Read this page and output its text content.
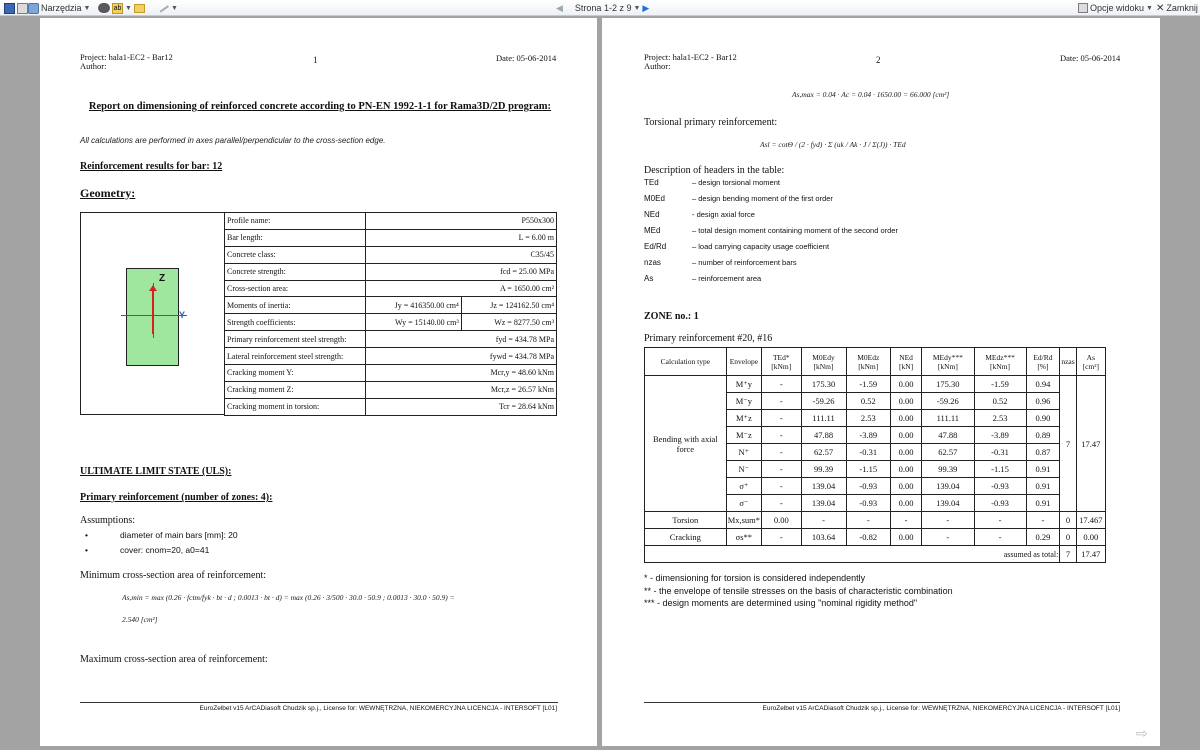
Narzędzia ▼	ab ▼	▼	◀ Strona 1-2 z 9 ▼ ▶	Opcje widoku ▼ ✕ Zamknij
Project: hala1-EC2 - Bar12
Author:
1	Date: 05-06-2014
Report on dimensioning of reinforced concrete according to PN-EN 1992-1-1 for Rama3D/2D program:
All calculations are performed in axes parallel/perpendicular to the cross-section edge.
Reinforcement results for bar: 12
Geometry:
Z
Y
Profile name:	P550x300	
Bar length:	L = 6.00 m	
Concrete class:	C35/45	
Concrete strength:	fcd = 25.00 MPa	
Cross-section area:	A = 1650.00 cm²	
Moments of inertia:	Jy = 416350.00 cm⁴	Jz = 124162.50 cm⁴
Strength coefficients:	Wy = 15140.00 cm³	Wz = 8277.50 cm³
Primary reinforcement steel strength:	fyd = 434.78 MPa	
Lateral reinforcement steel strength:	fywd = 434.78 MPa	
Cracking moment Y:	Mcr,y = 48.60 kNm	
Cracking moment Z:	Mcr,z = 26.57 kNm	
Cracking moment in torsion:	Tcr = 28.64 kNm	
ULTIMATE LIMIT STATE (ULS):
Primary reinforcement (number of zones: 4):
Assumptions:
• diameter of main bars [mm]: 20
• cover: cnom=20, a0=41
Minimum cross-section area of reinforcement:
As,min = max (0.26 · fctm/fyk · bt · d ; 0.0013 · bt · d) = max (0.26 · 3/500 · 30.0 · 50.9 ; 0.0013 · 30.0 · 50.9) =
2.540 [cm²]
Maximum cross-section area of reinforcement:
EuroZelbet v15 ArCADiasoft Chudzik sp.j., License for: WEWNĘTRZNA, NIEKOMERCYJNA LICENCJA - INTERSOFT [L01]
Project: hala1-EC2 - Bar12
Author:
2	Date: 05-06-2014
As,max = 0.04 · Ac = 0.04 · 1650.00 = 66.000 [cm²]
Torsional primary reinforcement:
Asl = cotΘ / (2 · fyd) · Σ (uk / Ak · J / Σ(J)) · TEd
Description of headers in the table:
TEd	– design torsional moment
M0Ed	– design bending moment of the first order
NEd	- design axial force
MEd	– total design moment containing moment of the second order
Ed/Rd	– load carrying capacity usage coefficient
nzas	– number of reinforcement bars
As	– reinforcement area
ZONE no.: 1
Primary reinforcement #20, #16
Calculation type	Envelope	TEd* [kNm]	M0Edy [kNm]	M0Edz [kNm]	NEd [kN]	MEdy*** [kNm]	MEdz*** [kNm]	Ed/Rd [%]	nzas	As [cm²]
Bending with axial force	M⁺y	-	175.30	-1.59	0.00	175.30	-1.59	0.94	7	17.47
	M⁻y	-	-59.26	0.52	0.00	-59.26	0.52	0.96		
	M⁺z	-	111.11	2.53	0.00	111.11	2.53	0.90		
	M⁻z	-	47.88	-3.89	0.00	47.88	-3.89	0.89		
	N⁺	-	62.57	-0.31	0.00	62.57	-0.31	0.87		
	N⁻	-	99.39	-1.15	0.00	99.39	-1.15	0.91		
	σ⁺	-	139.04	-0.93	0.00	139.04	-0.93	0.91		
	σ⁻	-	139.04	-0.93	0.00	139.04	-0.93	0.91		
Torsion	Mx,sum*	0.00	-	-	-	-	-	-	0	17.467
Cracking	σs**	-	103.64	-0.82	0.00	-	-	0.29	0	0.00
assumed as total:									7	17.47
* - dimensioning for torsion is considered independently
** - the envelope of tensile stresses on the basis of characteristic combination
*** - design moments are determined using "nominal rigidity method"
EuroZelbet v15 ArCADiasoft Chudzik sp.j., License for: WEWNĘTRZNA, NIEKOMERCYJNA LICENCJA - INTERSOFT [L01]
⇨
